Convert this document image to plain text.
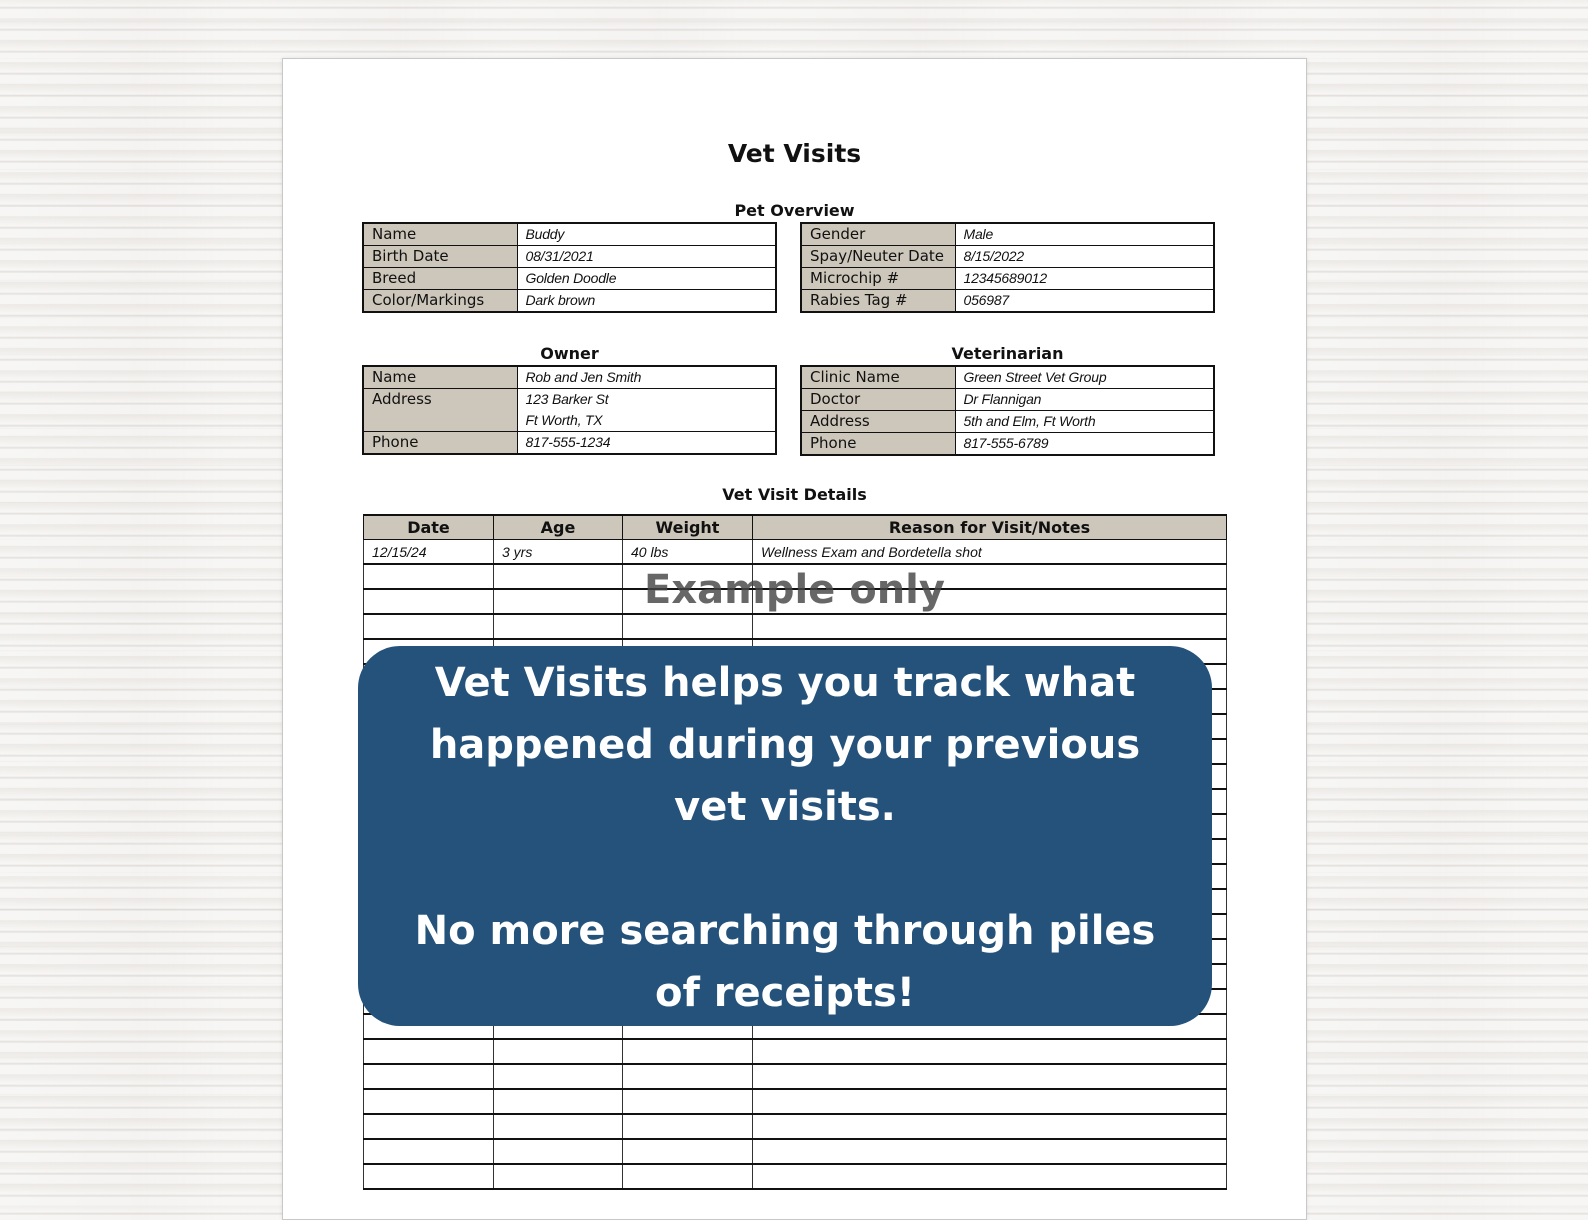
Vet Visits
Pet Overview
Name	Buddy
Birth Date	08/31/2021
Breed	Golden Doodle
Color/Markings	Dark brown
Gender	Male
Spay/Neuter Date	8/15/2022
Microchip #	12345689012
Rabies Tag #	056987
Owner	Veterinarian
Name	Rob and Jen Smith
Address	123 Barker St
Ft Worth, TX

Phone	817-555-1234
Clinic Name	Green Street Vet Group
Doctor	Dr Flannigan
Address	5th and Elm, Ft Worth
Phone	817-555-6789
Vet Visit Details
Date	Age	Weight	Reason for Visit/Notes
12/15/24	3 yrs	40 lbs	Wellness Exam and Bordetella shot

Example only

Vet Visits helps you track what happened during your previous vet visits.

No more searching through piles of receipts!
